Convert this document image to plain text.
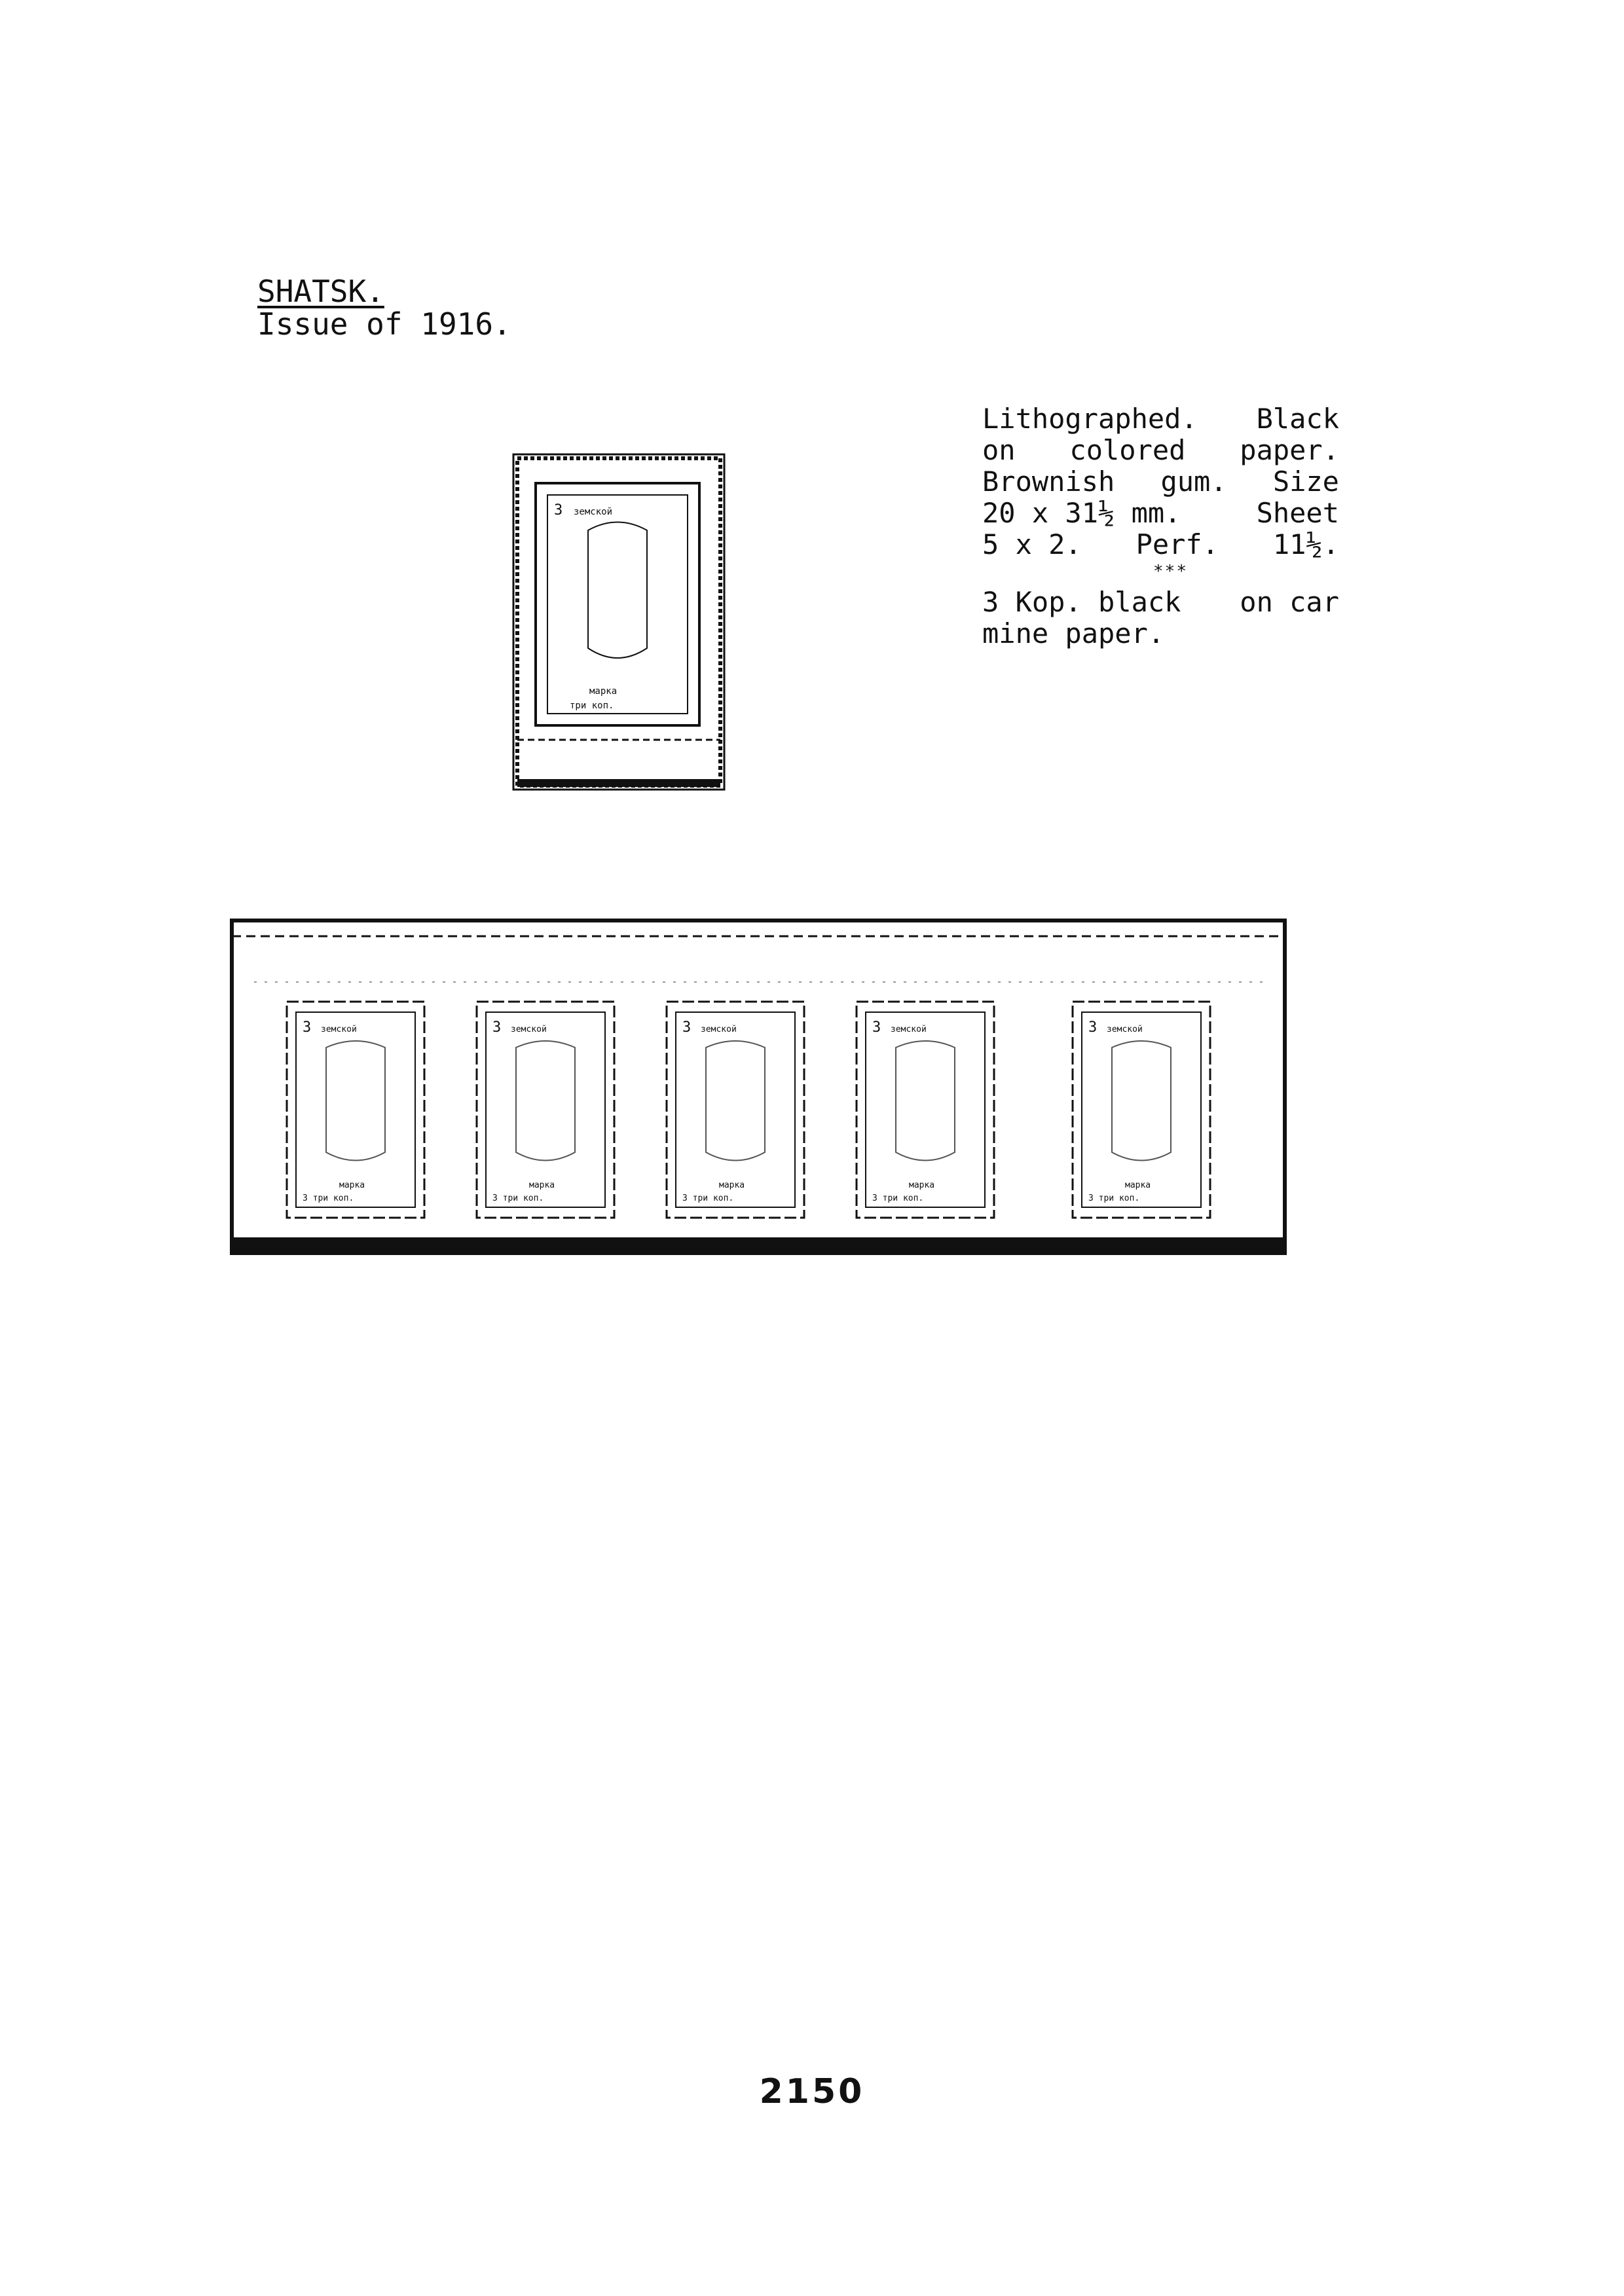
SHATSK.
Issue of 1916.
Lithographed. Black
on colored paper.
Brownish gum. Size
20 x 31½ mm.	Sheet
5 x 2. Perf. 11½.
***
3 Kop. black on car
mine paper.
3 земской
марка
три коп.
3 земской
марка
3 три коп.
3 земской
марка
3 три коп.
3 земской
марка
3 три коп.
3 земской
марка
3 три коп.
3 земской
марка
3 три коп.
2150
